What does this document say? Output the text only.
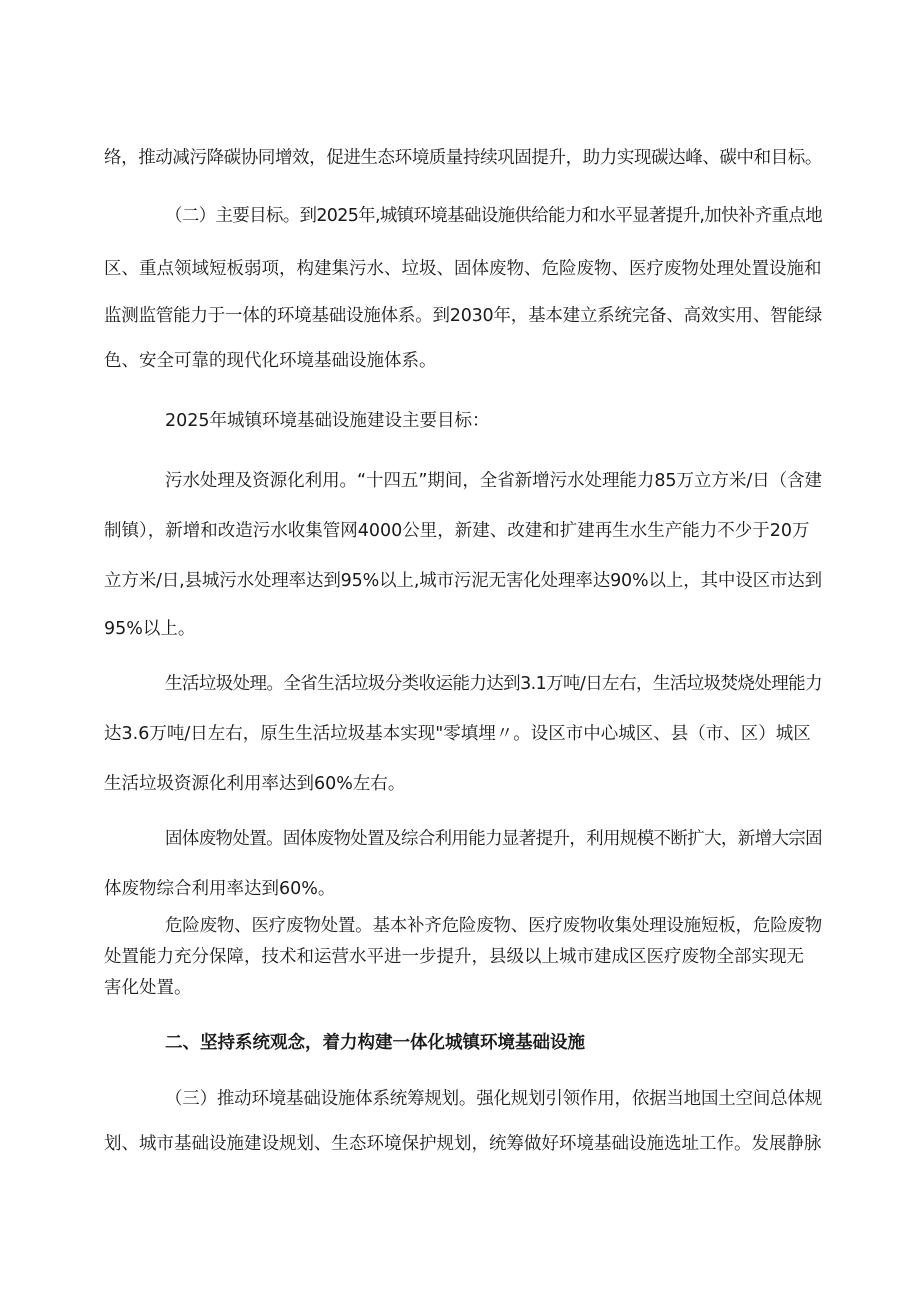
络，推动减污降碳协同增效，促进生态环境质量持续巩固提升，助力实现碳达峰、碳中和目标。
（二）主要目标。到2025年,城镇环境基础设施供给能力和水平显著提升,加快补齐重点地
区、重点领域短板弱项，构建集污水、垃圾、固体废物、危险废物、医疗废物处理处置设施和
监测监管能力于一体的环境基础设施体系。到2030年，基本建立系统完备、高效实用、智能绿
色、安全可靠的现代化环境基础设施体系。
2025年城镇环境基础设施建设主要目标：
污水处理及资源化利用。“十四五”期间，全省新增污水处理能力85万立方米/日（含建
制镇），新增和改造污水收集管网4000公里，新建、改建和扩建再生水生产能力不少于20万
立方米/日,县城污水处理率达到95%以上,城市污泥无害化处理率达90%以上，其中设区市达到
95%以上。
生活垃圾处理。全省生活垃圾分类收运能力达到3.1万吨/日左右，生活垃圾焚烧处理能力
达3.6万吨/日左右，原生生活垃圾基本实现"零填埋〃。设区市中心城区、县（市、区）城区
生活垃圾资源化利用率达到60%左右。
固体废物处置。固体废物处置及综合利用能力显著提升，利用规模不断扩大，新增大宗固
体废物综合利用率达到60%。
危险废物、医疗废物处置。基本补齐危险废物、医疗废物收集处理设施短板，危险废物
处置能力充分保障，技术和运营水平进一步提升，县级以上城市建成区医疗废物全部实现无
害化处置。
二、坚持系统观念，着力构建一体化城镇环境基础设施
（三）推动环境基础设施体系统筹规划。强化规划引领作用，依据当地国土空间总体规
划、城市基础设施建设规划、生态环境保护规划，统筹做好环境基础设施选址工作。发展静脉
